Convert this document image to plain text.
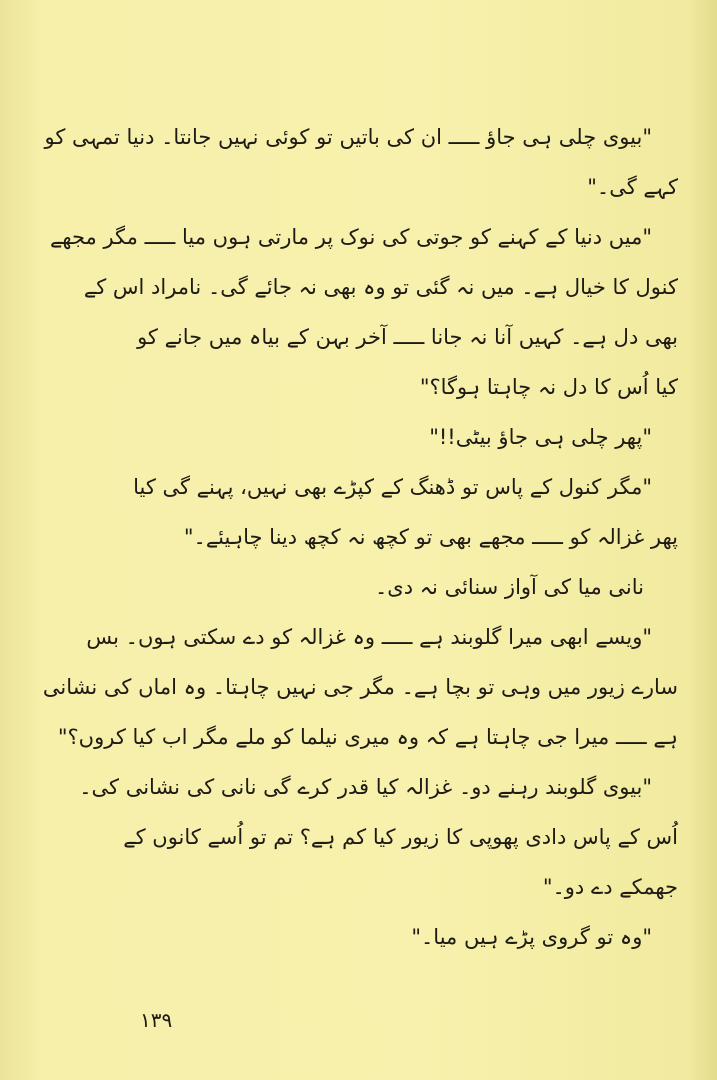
"بیوی چلی ہی جاؤ ـــــ ان کی باتیں تو کوئی نہیں جانتا۔ دنیا تمہی کو
کہے گی۔"
"میں دنیا کے کہنے کو جوتی کی نوک پر مارتی ہوں میا ـــــ مگر مجھے
کنول کا خیال ہے۔ میں نہ گئی تو وہ بھی نہ جائے گی۔ نامراد اس کے
بھی دل ہے۔ کہیں آنا نہ جانا ـــــ آخر بہن کے بیاہ میں جانے کو
کیا اُس کا دل نہ چاہتا ہوگا؟"
"پھر چلی ہی جاؤ بیٹی!!"
"مگر کنول کے پاس تو ڈھنگ کے کپڑے بھی نہیں، پہنے گی کیا
پھر غزالہ کو ـــــ مجھے بھی تو کچھ نہ کچھ دینا چاہیئے۔"
نانی میا کی آواز سنائی نہ دی۔
"ویسے ابھی میرا گلوبند ہے ـــــ وہ غزالہ کو دے سکتی ہوں۔ بس
سارے زیور میں وہی تو بچا ہے۔ مگر جی نہیں چاہتا۔ وہ اماں کی نشانی
ہے ـــــ میرا جی چاہتا ہے کہ وہ میری نیلما کو ملے مگر اب کیا کروں؟"
"بیوی گلوبند رہنے دو۔ غزالہ کیا قدر کرے گی نانی کی نشانی کی۔
اُس کے پاس دادی پھوپی کا زیور کیا کم ہے؟ تم تو اُسے کانوں کے
جھمکے دے دو۔"
"وہ تو گروی پڑے ہیں میا۔"
۱۳۹
